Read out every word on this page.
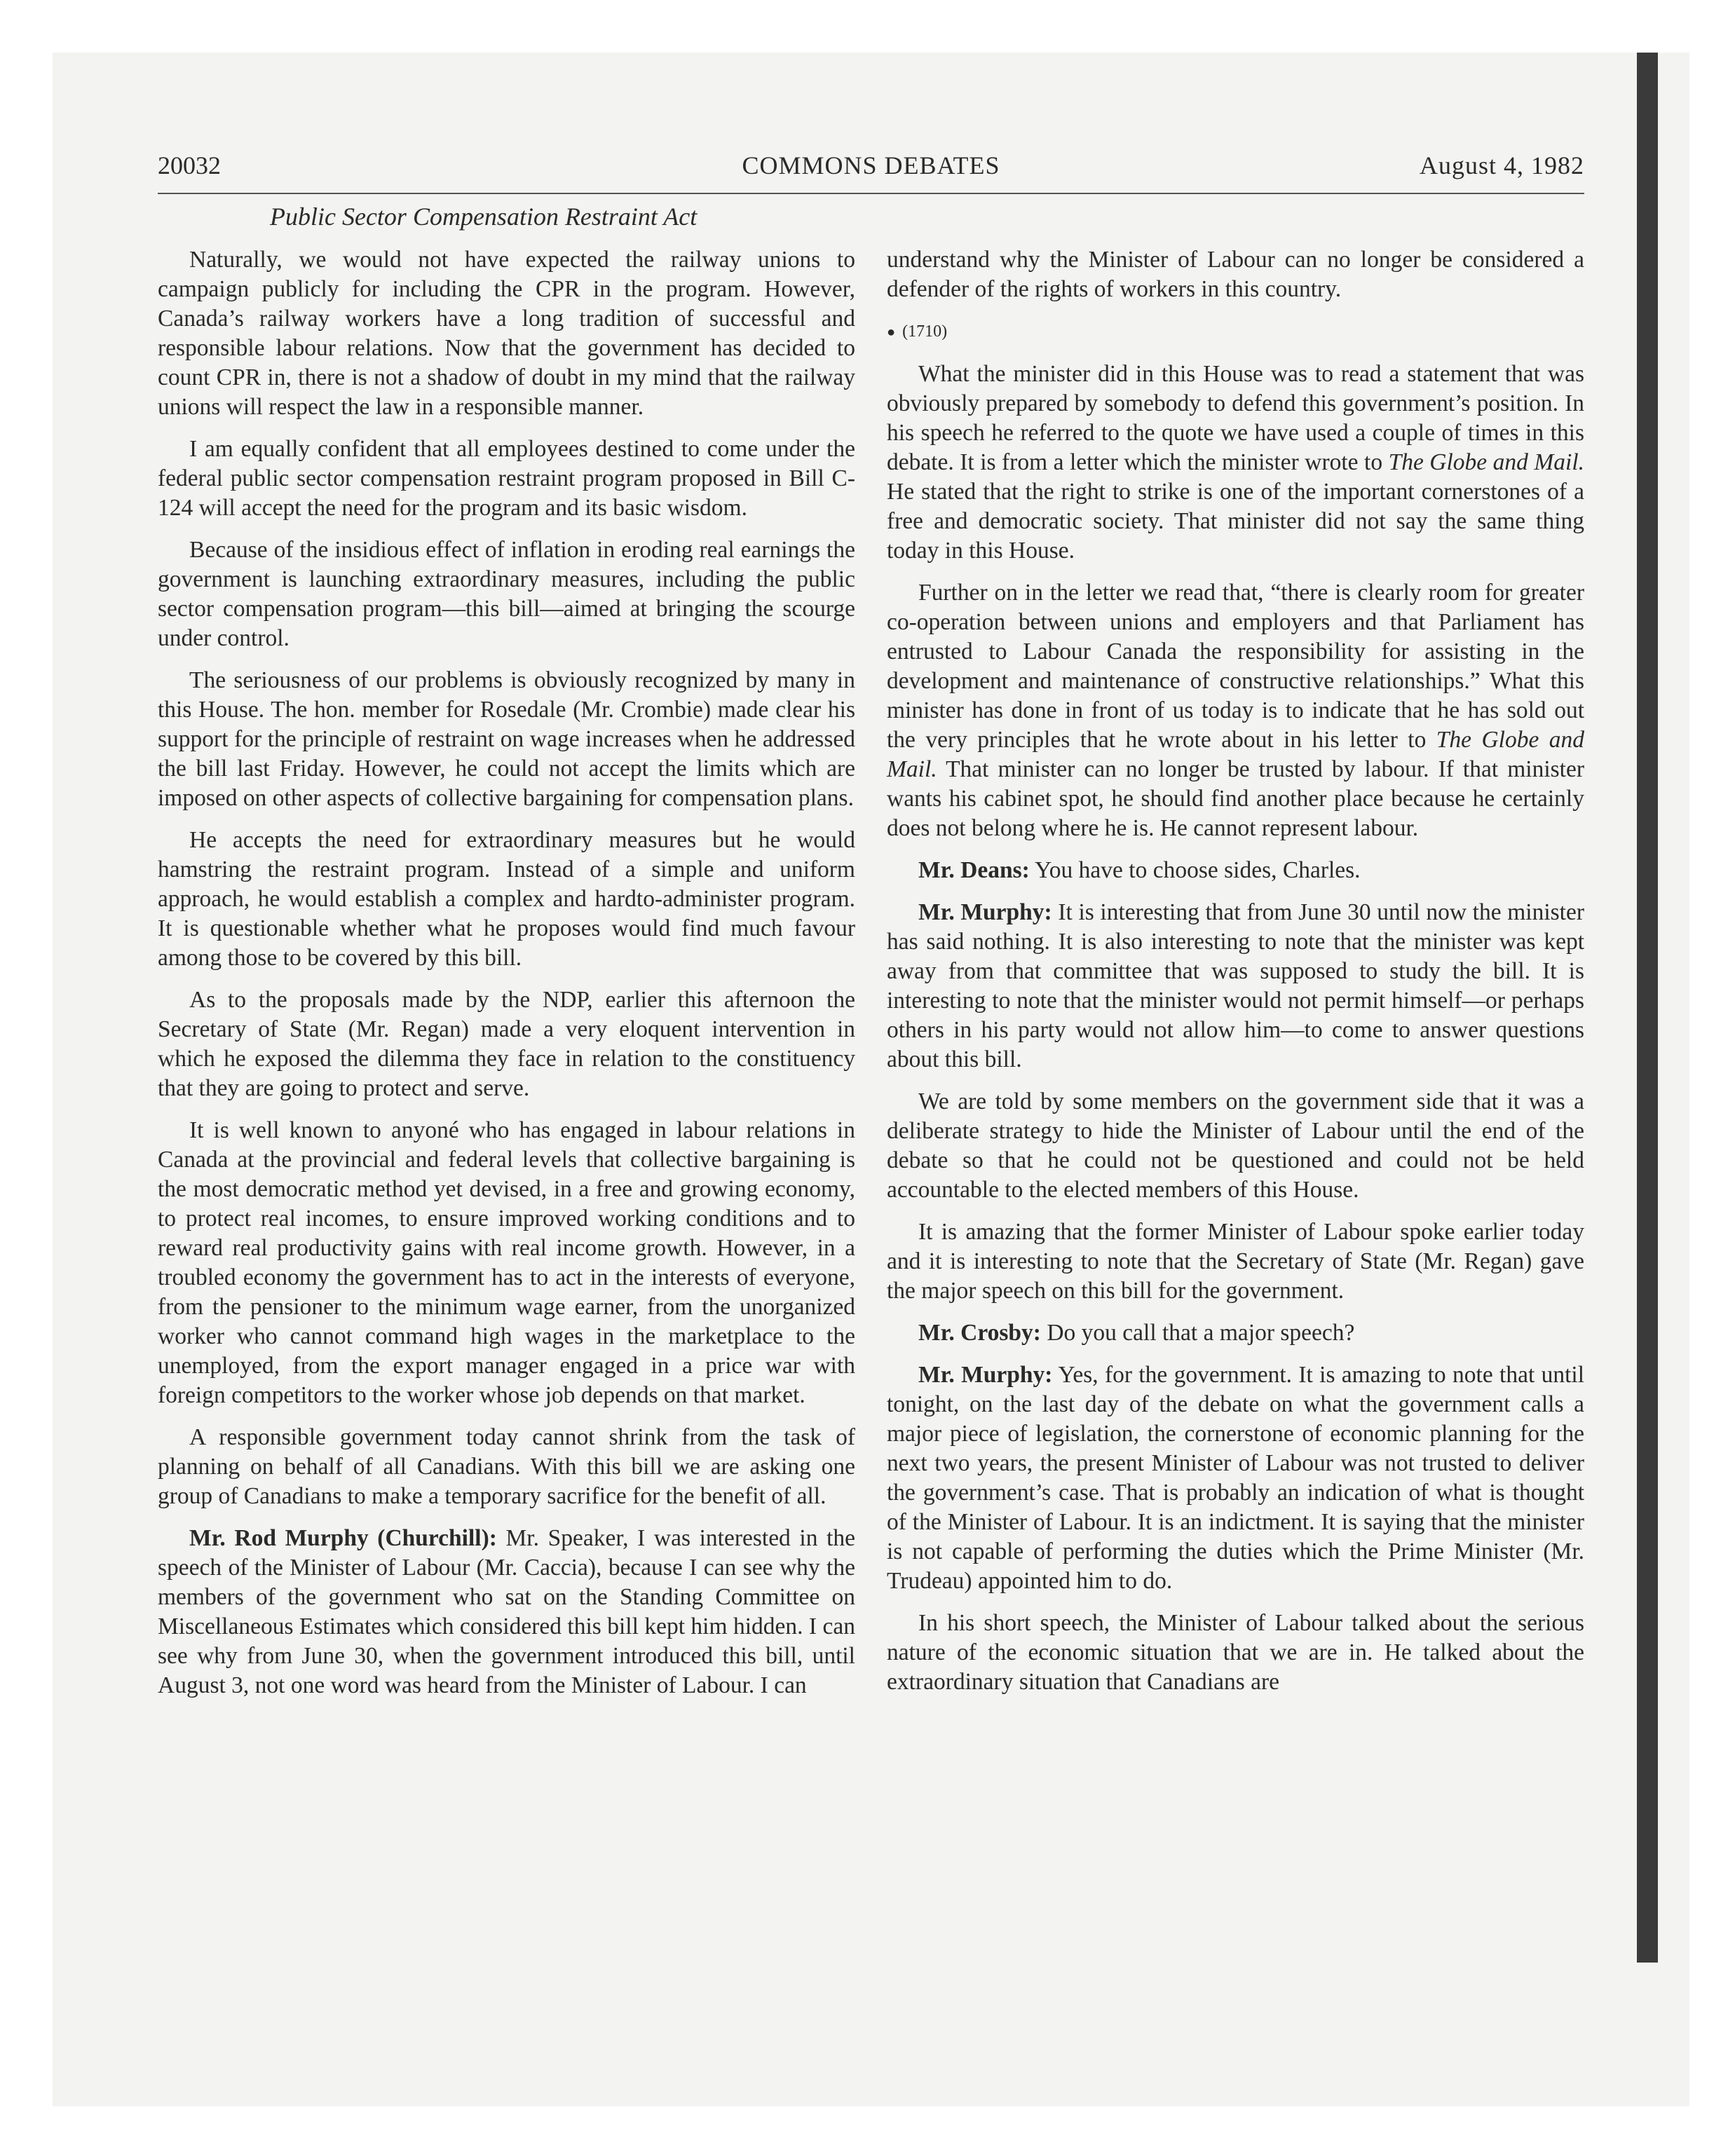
20032	COMMONS DEBATES	August 4, 1982
Public Sector Compensation Restraint Act

Naturally, we would not have expected the railway unions to campaign publicly for including the CPR in the program. However, Canada’s railway workers have a long tradition of successful and responsible labour relations. Now that the government has decided to count CPR in, there is not a shadow of doubt in my mind that the railway unions will respect the law in a responsible manner.

I am equally confident that all employees destined to come under the federal public sector compensation restraint program proposed in Bill C-124 will accept the need for the program and its basic wisdom.

Because of the insidious effect of inflation in eroding real earnings the government is launching extraordinary measures, including the public sector compensation program—this bill—aimed at bringing the scourge under control.

The seriousness of our problems is obviously recognized by many in this House. The hon. member for Rosedale (Mr. Crombie) made clear his support for the principle of restraint on wage increases when he addressed the bill last Friday. However, he could not accept the limits which are imposed on other aspects of collective bargaining for compensation plans.

He accepts the need for extraordinary measures but he would hamstring the restraint program. Instead of a simple and uniform approach, he would establish a complex and hardto-administer program. It is questionable whether what he proposes would find much favour among those to be covered by this bill.

As to the proposals made by the NDP, earlier this afternoon the Secretary of State (Mr. Regan) made a very eloquent intervention in which he exposed the dilemma they face in relation to the constituency that they are going to protect and serve.

It is well known to anyoné who has engaged in labour relations in Canada at the provincial and federal levels that collective bargaining is the most democratic method yet devised, in a free and growing economy, to protect real incomes, to ensure improved working conditions and to reward real productivity gains with real income growth. However, in a troubled economy the government has to act in the interests of everyone, from the pensioner to the minimum wage earner, from the unorganized worker who cannot command high wages in the marketplace to the unemployed, from the export manager engaged in a price war with foreign competitors to the worker whose job depends on that market.

A responsible government today cannot shrink from the task of planning on behalf of all Canadians. With this bill we are asking one group of Canadians to make a temporary sacrifice for the benefit of all.

Mr. Rod Murphy (Churchill): Mr. Speaker, I was interested in the speech of the Minister of Labour (Mr. Caccia), because I can see why the members of the government who sat on the Standing Committee on Miscellaneous Estimates which considered this bill kept him hidden. I can see why from June 30, when the government introduced this bill, until August 3, not one word was heard from the Minister of Labour. I can

understand why the Minister of Labour can no longer be considered a defender of the rights of workers in this country.

● (1710)

What the minister did in this House was to read a statement that was obviously prepared by somebody to defend this government’s position. In his speech he referred to the quote we have used a couple of times in this debate. It is from a letter which the minister wrote to The Globe and Mail. He stated that the right to strike is one of the important cornerstones of a free and democratic society. That minister did not say the same thing today in this House.

Further on in the letter we read that, “there is clearly room for greater co-operation between unions and employers and that Parliament has entrusted to Labour Canada the responsibility for assisting in the development and maintenance of constructive relationships.” What this minister has done in front of us today is to indicate that he has sold out the very principles that he wrote about in his letter to The Globe and Mail. That minister can no longer be trusted by labour. If that minister wants his cabinet spot, he should find another place because he certainly does not belong where he is. He cannot represent labour.

Mr. Deans: You have to choose sides, Charles.

Mr. Murphy: It is interesting that from June 30 until now the minister has said nothing. It is also interesting to note that the minister was kept away from that committee that was supposed to study the bill. It is interesting to note that the minister would not permit himself—or perhaps others in his party would not allow him—to come to answer questions about this bill.

We are told by some members on the government side that it was a deliberate strategy to hide the Minister of Labour until the end of the debate so that he could not be questioned and could not be held accountable to the elected members of this House.

It is amazing that the former Minister of Labour spoke earlier today and it is interesting to note that the Secretary of State (Mr. Regan) gave the major speech on this bill for the government.

Mr. Crosby: Do you call that a major speech?

Mr. Murphy: Yes, for the government. It is amazing to note that until tonight, on the last day of the debate on what the government calls a major piece of legislation, the cornerstone of economic planning for the next two years, the present Minister of Labour was not trusted to deliver the government’s case. That is probably an indication of what is thought of the Minister of Labour. It is an indictment. It is saying that the minister is not capable of performing the duties which the Prime Minister (Mr. Trudeau) appointed him to do.

In his short speech, the Minister of Labour talked about the serious nature of the economic situation that we are in. He talked about the extraordinary situation that Canadians are
